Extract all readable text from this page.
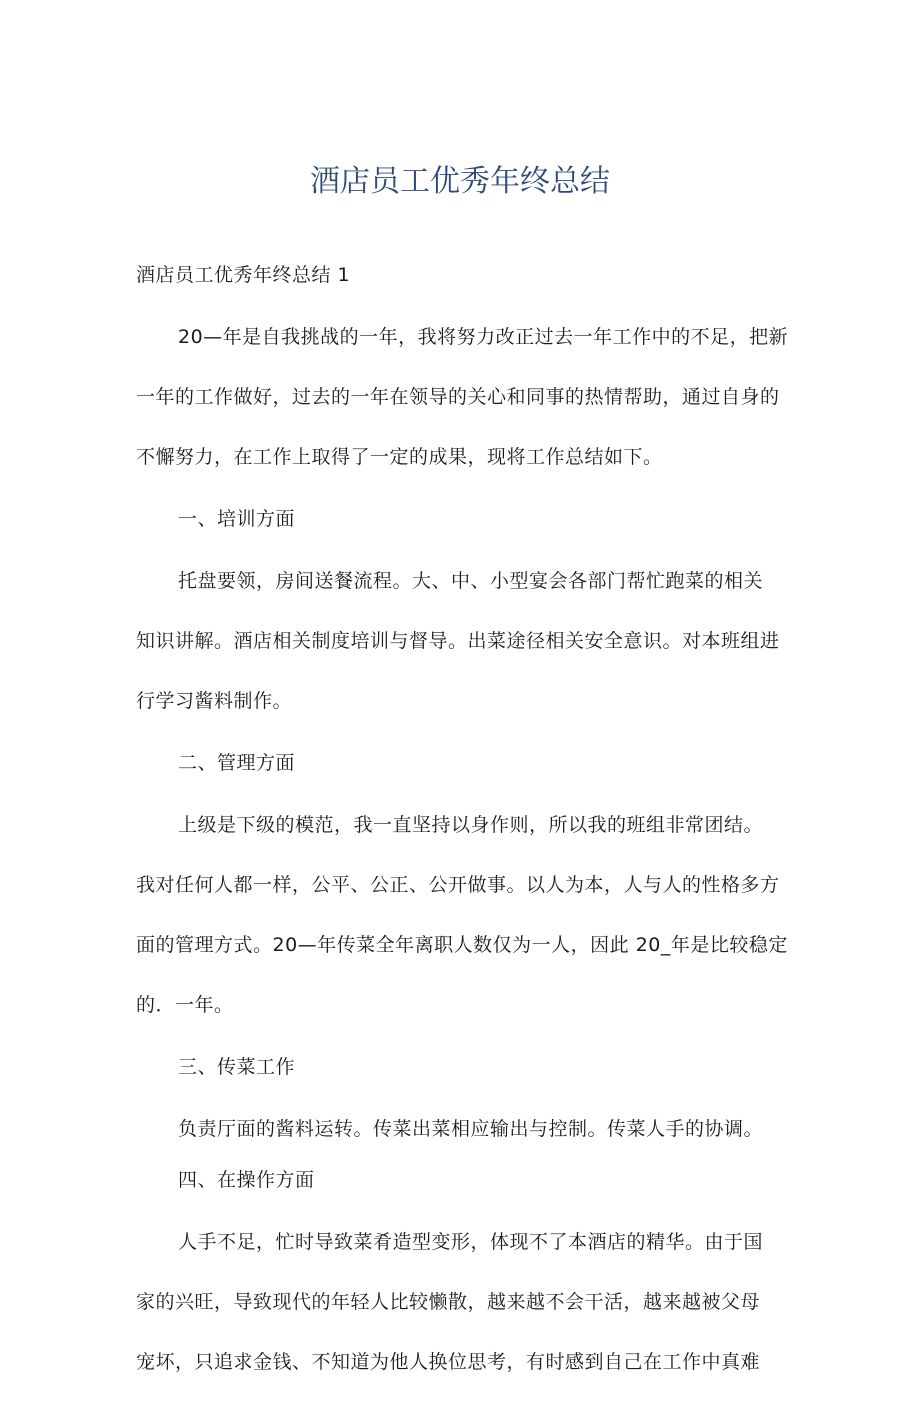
酒店员工优秀年终总结
酒店员工优秀年终总结 1
20—年是自我挑战的一年，我将努力改正过去一年工作中的不足，把新
一年的工作做好，过去的一年在领导的关心和同事的热情帮助，通过自身的
不懈努力，在工作上取得了一定的成果，现将工作总结如下。
一、培训方面
托盘要领，房间送餐流程。大、中、小型宴会各部门帮忙跑菜的相关
知识讲解。酒店相关制度培训与督导。出菜途径相关安全意识。对本班组进
行学习酱料制作。
二、管理方面
上级是下级的模范，我一直坚持以身作则，所以我的班组非常团结。
我对任何人都一样，公平、公正、公开做事。以人为本，人与人的性格多方
面的管理方式。20—年传菜全年离职人数仅为一人，因此 20_年是比较稳定
的．一年。
三、传菜工作
负责厅面的酱料运转。传菜出菜相应输出与控制。传菜人手的协调。
四、在操作方面
人手不足，忙时导致菜肴造型变形，体现不了本酒店的精华。由于国
家的兴旺，导致现代的年轻人比较懒散，越来越不会干活，越来越被父母
宠坏，只追求金钱、不知道为他人换位思考，有时感到自己在工作中真难
